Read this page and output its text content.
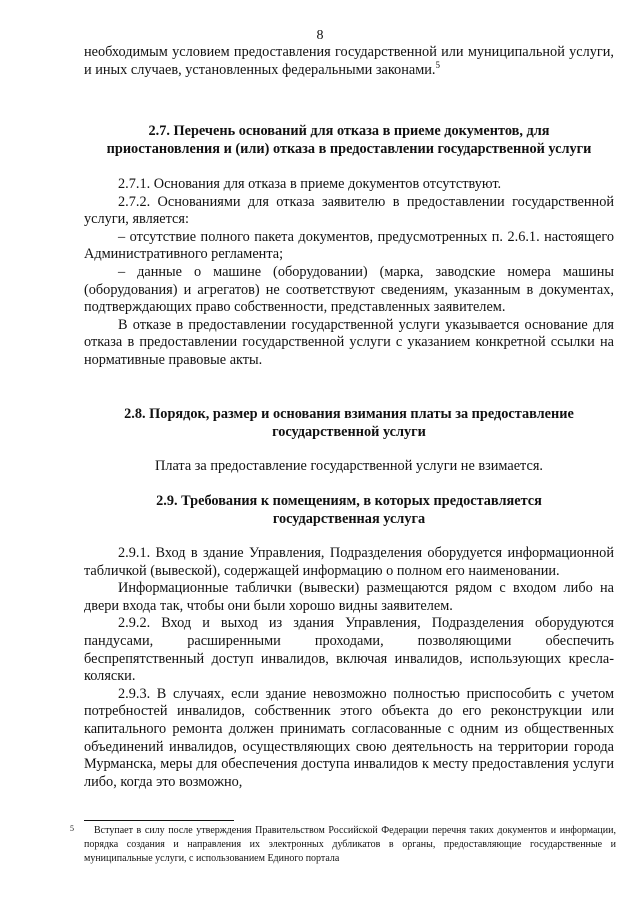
8

необходимым условием предоставления государственной или муниципальной услуги, и иных случаев, установленных федеральными законами.$^5$

2.7. Перечень оснований для отказа в приеме документов, для
приостановления и (или) отказа в предоставлении государственной услуги

2.7.1. Основания для отказа в приеме документов отсутствуют.

2.7.2. Основаниями для отказа заявителю в предоставлении государственной услуги, является:

– отсутствие полного пакета документов, предусмотренных п. 2.6.1. настоящего Административного регламента;

– данные о машине (оборудовании) (марка, заводские номера машины (оборудования) и агрегатов) не соответствуют сведениям, указанным в документах, подтверждающих право собственности, представленных заявителем.

В отказе в предоставлении государственной услуги указывается основание для отказа в предоставлении государственной услуги с указанием конкретной ссылки на нормативные правовые акты.

2.8. Порядок, размер и основания взимания платы за предоставление
государственной услуги
Плата за предоставление государственной услуги не взимается.
2.9. Требования к помещениям, в которых предоставляется
государственная услуга

2.9.1. Вход в здание Управления, Подразделения оборудуется информационной табличкой (вывеской), содержащей информацию о полном его наименовании.

Информационные таблички (вывески) размещаются рядом с входом либо на двери входа так, чтобы они были хорошо видны заявителем.

2.9.2. Вход и выход из здания Управления, Подразделения оборудуются пандусами, расширенными проходами, позволяющими обеспечить беспрепятственный доступ инвалидов, включая инвалидов, использующих кресла-коляски.

2.9.3. В случаях, если здание невозможно полностью приспособить с учетом потребностей инвалидов, собственник этого объекта до его реконструкции или капитального ремонта должен принимать согласованные с одним из общественных объединений инвалидов, осуществляющих свою деятельность на территории города Мурманска, меры для обеспечения доступа инвалидов к месту предоставления услуги либо, когда это возможно,

5	Вступает в силу после утверждения Правительством Российской Федерации перечня таких документов и информации, порядка создания и направления их электронных дубликатов в органы, предоставляющие государственные и муниципальные услуги, с использованием Единого портала
